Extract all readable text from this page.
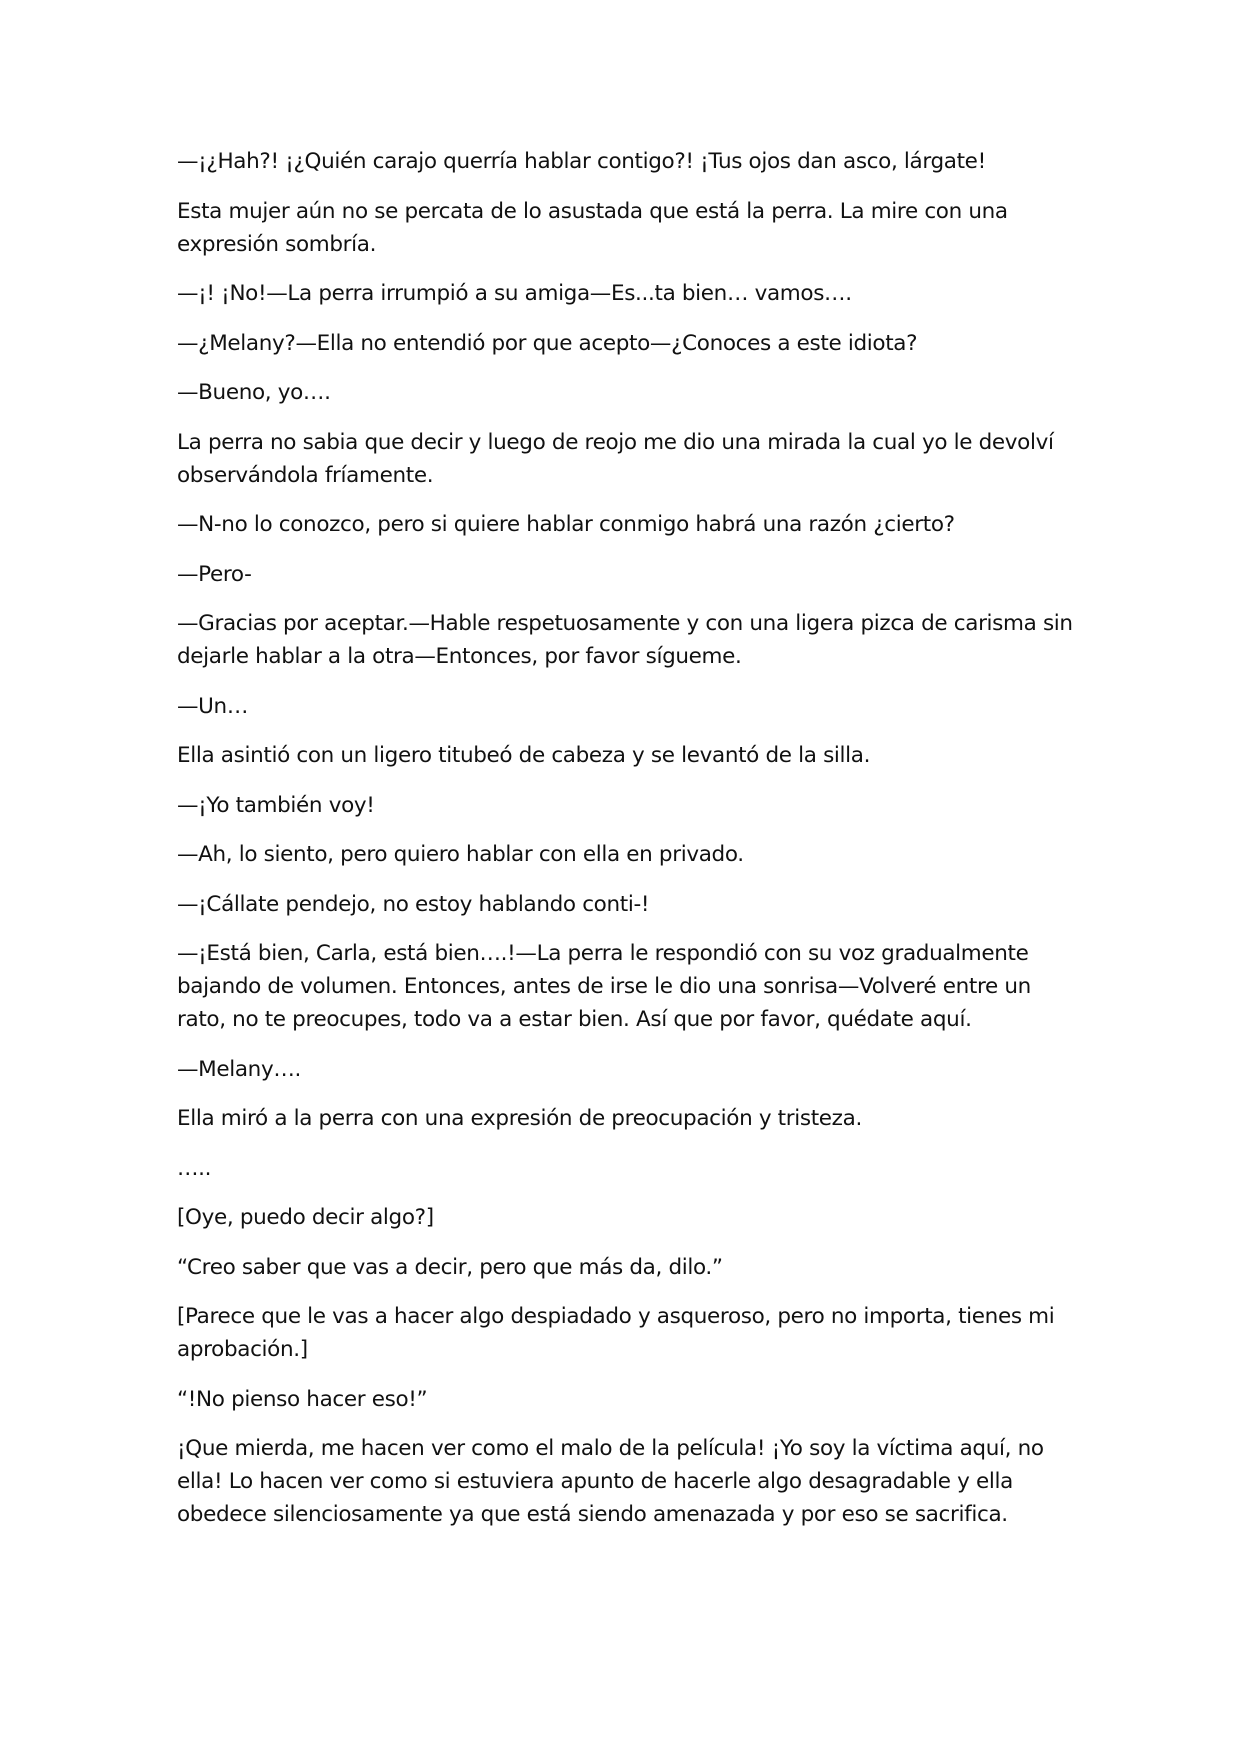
—¡¿Hah?! ¡¿Quién carajo querría hablar contigo?! ¡Tus ojos dan asco, lárgate!

Esta mujer aún no se percata de lo asustada que está la perra. La mire con una expresión sombría.

—¡! ¡No!—La perra irrumpió a su amiga—Es...ta bien… vamos….

—¿Melany?—Ella no entendió por que acepto—¿Conoces a este idiota?

—Bueno, yo….

La perra no sabia que decir y luego de reojo me dio una mirada la cual yo le devolví observándola fríamente.

—N-no lo conozco, pero si quiere hablar conmigo habrá una razón ¿cierto?

—Pero-

—Gracias por aceptar.—Hable respetuosamente y con una ligera pizca de carisma sin dejarle hablar a la otra—Entonces, por favor sígueme.

—Un…

Ella asintió con un ligero titubeó de cabeza y se levantó de la silla.

—¡Yo también voy!

—Ah, lo siento, pero quiero hablar con ella en privado.

—¡Cállate pendejo, no estoy hablando conti-!

—¡Está bien, Carla, está bien….!—La perra le respondió con su voz gradualmente bajando de volumen. Entonces, antes de irse le dio una sonrisa—Volveré entre un rato, no te preocupes, todo va a estar bien. Así que por favor, quédate aquí.

—Melany….

Ella miró a la perra con una expresión de preocupación y tristeza.

…..

[Oye, puedo decir algo?]

“Creo saber que vas a decir, pero que más da, dilo.”

[Parece que le vas a hacer algo despiadado y asqueroso, pero no importa, tienes mi aprobación.]

“!No pienso hacer eso!”

¡Que mierda, me hacen ver como el malo de la película! ¡Yo soy la víctima aquí, no ella! Lo hacen ver como si estuviera apunto de hacerle algo desagradable y ella obedece silenciosamente ya que está siendo amenazada y por eso se sacrifica.
